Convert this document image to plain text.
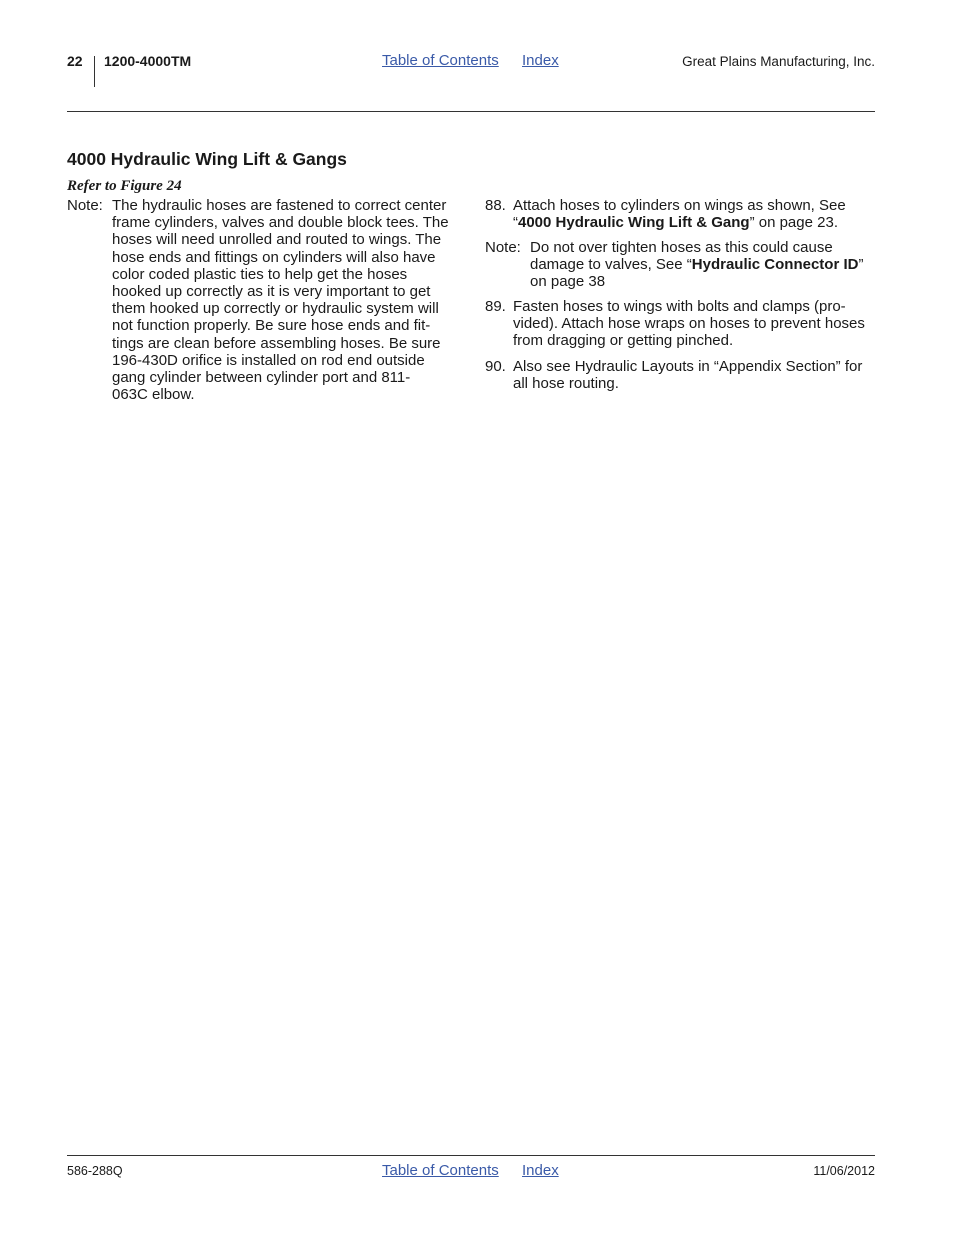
22 1200-4000TM	Table of Contents Index	Great Plains Manufacturing, Inc.
4000 Hydraulic Wing Lift & Gangs
Refer to Figure 24
Note: The hydraulic hoses are fastened to correct center
frame cylinders, valves and double block tees. The
hoses will need unrolled and routed to wings. The
hose ends and fittings on cylinders will also have
color coded plastic ties to help get the hoses
hooked up correctly as it is very important to get
them hooked up correctly or hydraulic system will
not function properly. Be sure hose ends and fit-
tings are clean before assembling hoses. Be sure
196-430D orifice is installed on rod end outside
gang cylinder between cylinder port and 811-
063C elbow.
88. Attach hoses to cylinders on wings as shown, See
“4000 Hydraulic Wing Lift & Gang” on page 23.
Note: Do not over tighten hoses as this could cause
damage to valves, See “Hydraulic Connector ID”
on page 38
89. Fasten hoses to wings with bolts and clamps (pro-
vided). Attach hose wraps on hoses to prevent hoses
from dragging or getting pinched.
90. Also see Hydraulic Layouts in “Appendix Section” for
all hose routing.
586-288Q	Table of Contents Index	11/06/2012
